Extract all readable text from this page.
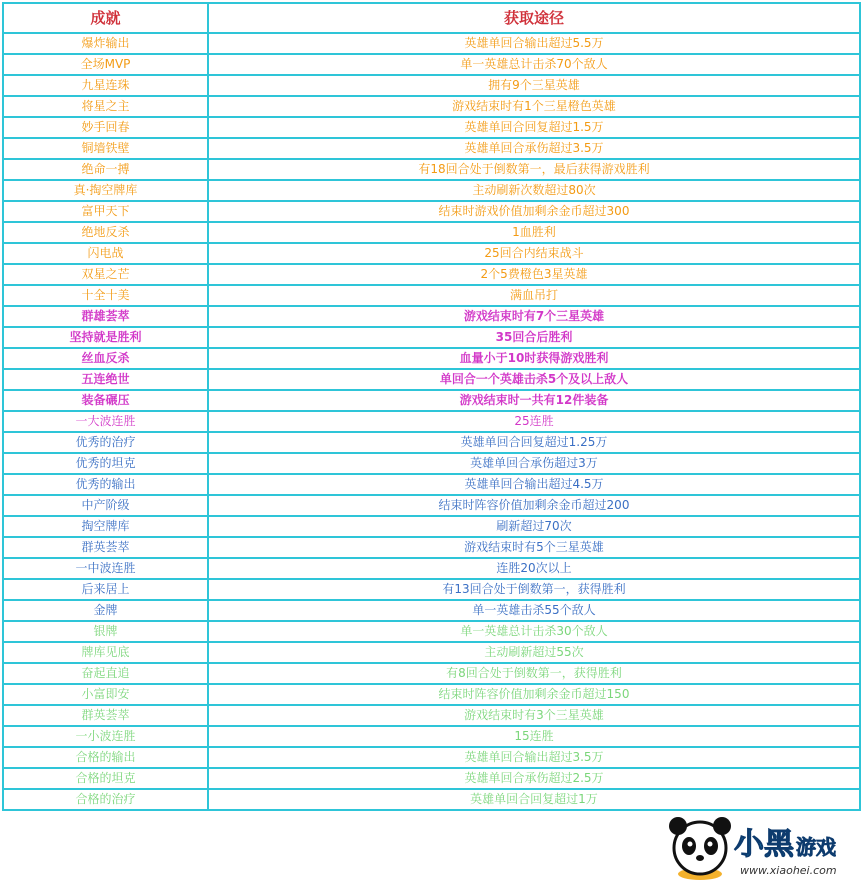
成就	获取途径
爆炸输出	英雄单回合输出超过5.5万
全场MVP	单一英雄总计击杀70个敌人
九星连珠	拥有9个三星英雄
将星之主	游戏结束时有1个三星橙色英雄
妙手回春	英雄单回合回复超过1.5万
铜墙铁壁	英雄单回合承伤超过3.5万
绝命一搏	有18回合处于倒数第一，最后获得游戏胜利
真·掏空牌库	主动刷新次数超过80次
富甲天下	结束时游戏价值加剩余金币超过300
绝地反杀	1血胜利
闪电战	25回合内结束战斗
双星之芒	2个5费橙色3星英雄
十全十美	满血吊打
群雄荟萃	游戏结束时有7个三星英雄
坚持就是胜利	35回合后胜利
丝血反杀	血量小于10时获得游戏胜利
五连绝世	单回合一个英雄击杀5个及以上敌人
装备碾压	游戏结束时一共有12件装备
一大波连胜	25连胜
优秀的治疗	英雄单回合回复超过1.25万
优秀的坦克	英雄单回合承伤超过3万
优秀的输出	英雄单回合输出超过4.5万
中产阶级	结束时阵容价值加剩余金币超过200
掏空牌库	刷新超过70次
群英荟萃	游戏结束时有5个三星英雄
一中波连胜	连胜20次以上
后来居上	有13回合处于倒数第一，获得胜利
金牌	单一英雄击杀55个敌人
银牌	单一英雄总计击杀30个敌人
牌库见底	主动刷新超过55次
奋起直追	有8回合处于倒数第一，获得胜利
小富即安	结束时阵容价值加剩余金币超过150
群英荟萃	游戏结束时有3个三星英雄
一小波连胜	15连胜
合格的输出	英雄单回合输出超过3.5万
合格的坦克	英雄单回合承伤超过2.5万
合格的治疗	英雄单回合回复超过1万
小黑 游戏
www.xiaohei.com
